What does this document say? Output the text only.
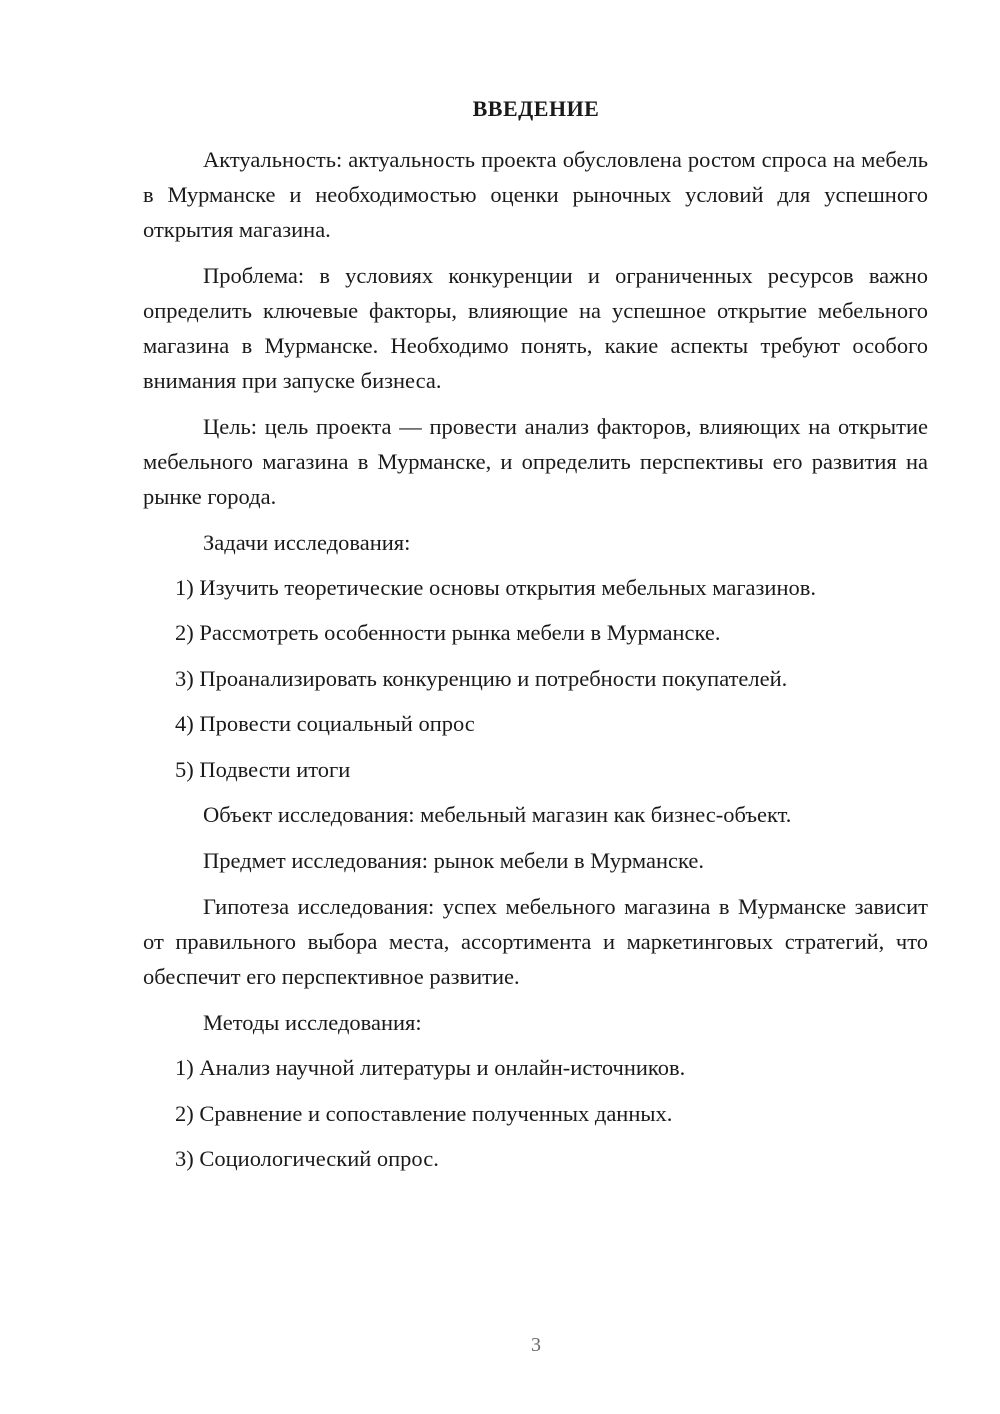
ВВЕДЕНИЕ

Актуальность: актуальность проекта обусловлена ростом спроса на мебель в Мурманске и необходимостью оценки рыночных условий для успешного открытия магазина.

Проблема: в условиях конкуренции и ограниченных ресурсов важно определить ключевые факторы, влияющие на успешное открытие мебельного магазина в Мурманске. Необходимо понять, какие аспекты требуют особого внимания при запуске бизнеса.

Цель: цель проекта — провести анализ факторов, влияющих на открытие мебельного магазина в Мурманске, и определить перспективы его развития на рынке города.

Задачи исследования:

1) Изучить теоретические основы открытия мебельных магазинов.

2) Рассмотреть особенности рынка мебели в Мурманске.

3) Проанализировать конкуренцию и потребности покупателей.

4) Провести социальный опрос

5) Подвести итоги

Объект исследования: мебельный магазин как бизнес-объект.

Предмет исследования: рынок мебели в Мурманске.

Гипотеза исследования: успех мебельного магазина в Мурманске зависит от правильного выбора места, ассортимента и маркетинговых стратегий, что обеспечит его перспективное развитие.

Методы исследования:

1) Анализ научной литературы и онлайн-источников.

2) Сравнение и сопоставление полученных данных.

3) Социологический опрос.

3
